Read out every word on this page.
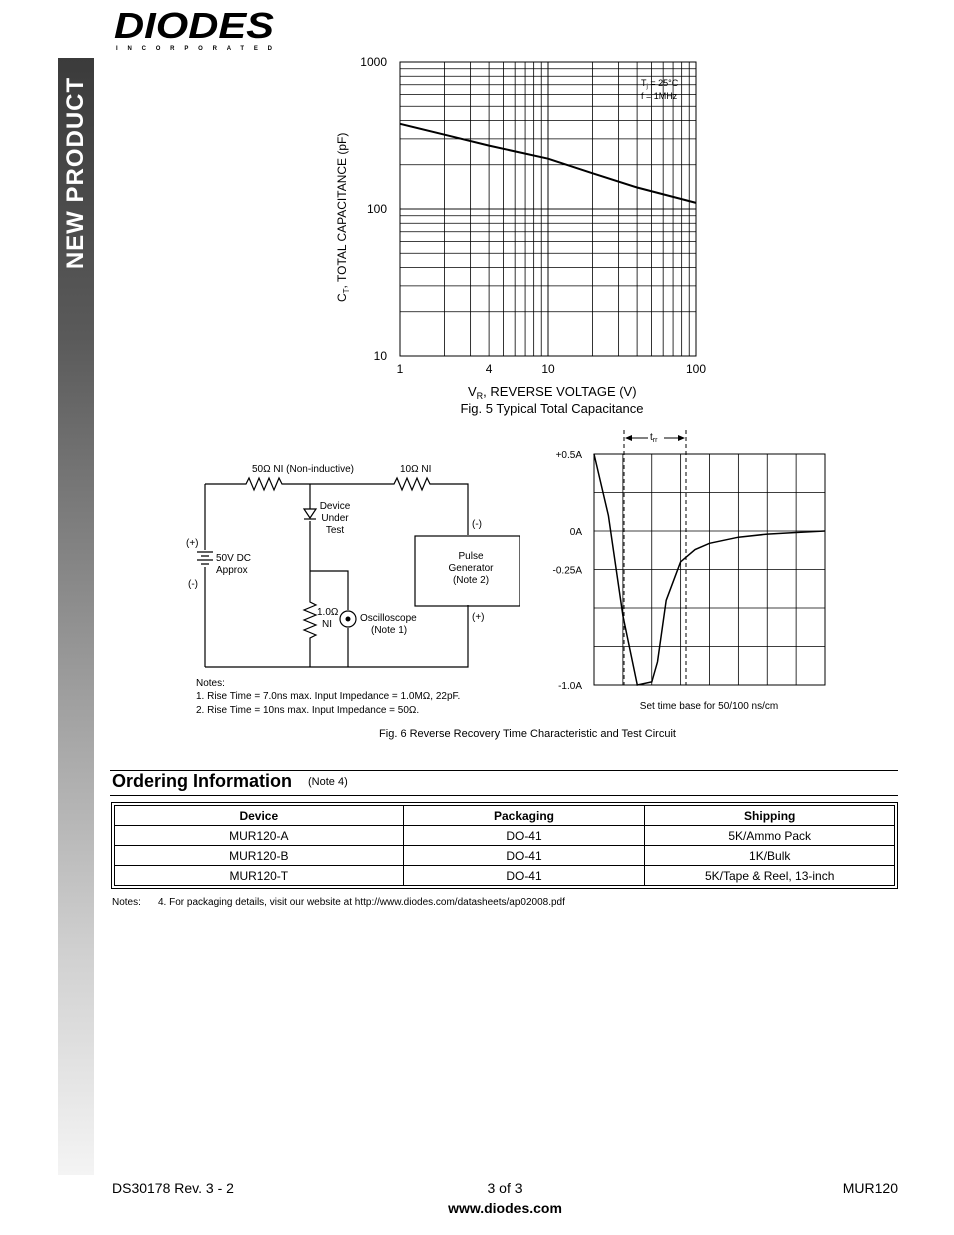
NEW PRODUCT
DIODES
INCORPORATED
10
100
1000
1	4	10	100
$T_j = 25^\circ C$
f = 1MHz
$V_R$, REVERSE VOLTAGE (V)
Fig. 5 Typical Total Capacitance
$C_T$, TOTAL CAPACITANCE (pF)
50Ω NI (Non-inductive)	10Ω NI
Device
Under
Test
(+)
(-)
50V DC
Approx
(-)
(+)
Pulse
Generator
(Note 2)
1.0Ω
NI
Oscilloscope
(Note 1)
Notes:
1. Rise Time = 7.0ns max. Input Impedance = 1.0MΩ, 22pF.
2. Rise Time = 10ns max. Input Impedance = 50Ω.
$t_{rr}$
+0.5A
0A
-0.25A
-1.0A
Set time base for 50/100 ns/cm
Fig. 6 Reverse Recovery Time Characteristic and Test Circuit
Ordering Information (Note 4)
Device	Packaging	Shipping
MUR120-A	DO-41	5K/Ammo Pack
MUR120-B	DO-41	1K/Bulk
MUR120-T	DO-41	5K/Tape & Reel, 13-inch
Notes: 4. For packaging details, visit our website at http://www.diodes.com/datasheets/ap02008.pdf
DS30178 Rev. 3 - 2	3 of 3	MUR120
www.diodes.com
